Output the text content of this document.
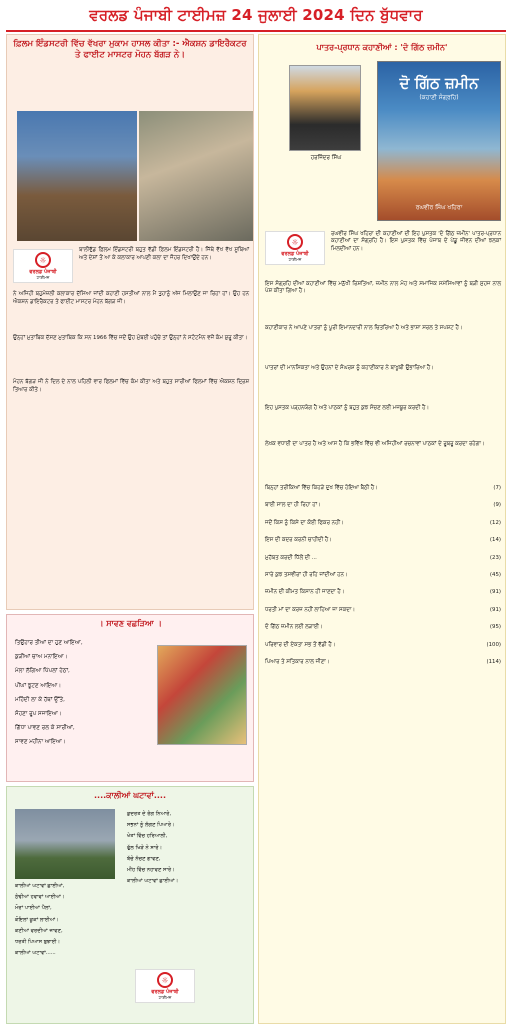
ਵਰਲਡ ਪੰਜਾਬੀ ਟਾਈਮਜ਼ 24 ਜੁਲਾਈ 2024 ਦਿਨ ਬੁੱਧਵਾਰ
ਫ਼ਿਲਮ ਇੰਡਸਟਰੀ ਵਿੱਚ ਵੱਖਰਾ ਮੁਕਾਮ ਹਾਸਲ ਕੀਤਾ :- ਐਕਸ਼ਨ ਡਾਇਰੈਕਟਰ ਤੇ ਫਾਈਟ ਮਾਸਟਰ ਮੋਹਨ ਬੱਗੜ ਨੇ।
☼
ਵਰਲਡ ਪੰਜਾਬੀ
ਟਾਈਮਜ਼
ਬਾਲੀਵੁੱਡ ਫ਼ਿਲਮ ਇੰਡਸਟਰੀ ਬਹੁਤ ਵੱਡੀ ਫ਼ਿਲਮ ਇੰਡਸਟਰੀ ਹੈ। ਜਿੱਥੇ ਵੱਖ ਵੱਖ ਸੂਬਿਆਂ ਅਤੇ ਦੇਸ਼ਾਂ ਤੋਂ ਆ ਕੇ ਕਲਾਕਾਰ ਆਪਣੀ ਕਲਾ ਦਾ ਜੌਹਰ ਦਿਖਾਉਂਦੇ ਹਨ।
ਨੇ ਅਜਿਹੀ ਬਹੁਮੰਜ਼ਲੀ ਕਲਾਕਾਰ ਦੱਸਿਆ ਜਾਂਦੀ ਕਹਾਣੀ ਹਸਤੀਆਂ ਨਾਲ ਮੈਂ ਤੁਹਾਨੂੰ ਅੱਜ ਮਿਲਾਉਣ ਜਾ ਰਿਹਾ ਹਾਂ। ਉਹ ਹਨ ਐਕਸ਼ਨ ਡਾਇਰੈਕਟਰ ਤੇ ਫਾਈਟ ਮਾਸਟਰ ਮੋਹਨ ਬੱਗੜ ਜੀ।
ਉਨ੍ਹਾਂ ਮੁਤਾਬਿਕ ਦੱਸਣ ਮੁਤਾਬਿਕ ਕਿ ਸਨ 1966 ਵਿੱਚ ਜਦੋਂ ਉਹ ਮੁੰਬਈ ਪਹੁੰਚੇ ਤਾਂ ਉਨ੍ਹਾਂ ਨੇ ਸਟੰਟਮੈਨ ਵਜੋਂ ਕੰਮ ਸ਼ੁਰੂ ਕੀਤਾ।
ਮੋਹਨ ਬੱਗੜ ਜੀ ਨੇ ਦਿਲ ਦੇ ਨਾਲ ਪਹਿਲੀ ਵਾਰ ਫਿਲਮਾਂ ਵਿੱਚ ਕੰਮ ਕੀਤਾ ਅਤੇ ਬਹੁਤ ਸਾਰੀਆਂ ਫਿਲਮਾਂ ਵਿੱਚ ਐਕਸ਼ਨ ਦ੍ਰਿਸ਼ ਤਿਆਰ ਕੀਤੇ।
ਪਾਤਰ-ਪ੍ਰਧਾਨ ਕਹਾਣੀਆਂ : 'ਦੋ ਗਿੱਠ ਜ਼ਮੀਨ'
ਹਰਜਿੰਦਰ ਸਿੰਘ
ਦੋ ਗਿੱਠ ਜ਼ਮੀਨ
(ਕਹਾਣੀ ਸੰਗ੍ਰਹਿ)
ਰਘਵੀਰ ਸਿੰਘ ਖਹਿਰਾ
☼
ਵਰਲਡ ਪੰਜਾਬੀ
ਟਾਈਮਜ਼
ਰਘਵੀਰ ਸਿੰਘ ਖਹਿਰਾ ਦੀ ਕਹਾਣੀਆਂ ਦੀ ਇਹ ਪੁਸਤਕ 'ਦੋ ਗਿੱਠ ਜ਼ਮੀਨ' ਪਾਤਰ-ਪ੍ਰਧਾਨ ਕਹਾਣੀਆਂ ਦਾ ਸੰਗ੍ਰਹਿ ਹੈ। ਇਸ ਪੁਸਤਕ ਵਿੱਚ ਪੰਜਾਬ ਦੇ ਪੇਂਡੂ ਜੀਵਨ ਦੀਆਂ ਝਲਕਾਂ ਮਿਲਦੀਆਂ ਹਨ।
ਇਸ ਸੰਗ੍ਰਹਿ ਦੀਆਂ ਕਹਾਣੀਆਂ ਵਿੱਚ ਮਨੁੱਖੀ ਰਿਸ਼ਤਿਆਂ, ਜ਼ਮੀਨ ਨਾਲ ਮੋਹ ਅਤੇ ਸਮਾਜਿਕ ਸਮੱਸਿਆਵਾਂ ਨੂੰ ਬੜੀ ਸੁਹਜ ਨਾਲ ਪੇਸ਼ ਕੀਤਾ ਗਿਆ ਹੈ।
ਕਹਾਣੀਕਾਰ ਨੇ ਆਪਣੇ ਪਾਤਰਾਂ ਨੂੰ ਪੂਰੀ ਇਮਾਨਦਾਰੀ ਨਾਲ ਚਿਤਰਿਆ ਹੈ ਅਤੇ ਭਾਸ਼ਾ ਸਰਲ ਤੇ ਸਪਸ਼ਟ ਹੈ।
ਪਾਤਰਾਂ ਦੀ ਮਾਨਸਿਕਤਾ ਅਤੇ ਉਹਨਾਂ ਦੇ ਸੰਘਰਸ਼ ਨੂੰ ਕਹਾਣੀਕਾਰ ਨੇ ਬਾਖੂਬੀ ਉਭਾਰਿਆ ਹੈ।
ਇਹ ਪੁਸਤਕ ਪੜ੍ਹਨਯੋਗ ਹੈ ਅਤੇ ਪਾਠਕਾਂ ਨੂੰ ਬਹੁਤ ਕੁਝ ਸੋਚਣ ਲਈ ਮਜਬੂਰ ਕਰਦੀ ਹੈ।
ਲੇਖਕ ਵਧਾਈ ਦਾ ਪਾਤਰ ਹੈ ਅਤੇ ਆਸ ਹੈ ਕਿ ਭਵਿੱਖ ਵਿੱਚ ਵੀ ਅਜਿਹੀਆਂ ਰਚਨਾਵਾਂ ਪਾਠਕਾਂ ਦੇ ਰੂਬਰੂ ਕਰਦਾ ਰਹੇਗਾ।
ਬਿਨ੍ਹਾਂ ਤਰੀਕਿਆਂ ਵਿੱਚ ਕਿਹੜੇ ਦੁਖ ਵਿੱਚ ਹੋਇਆ ਬੈਠੀ ਹੈ।	(7)
ਬਾਈ ਸਾਲ ਦਾ ਹੀ ਰਿਹਾ ਹਾਂ।	(9)
ਜਦੋਂ ਕਿਸ ਨੂੰ ਕਿਸੇ ਦਾ ਕੋਈ ਫਿਕਰ ਨਹੀਂ।	(12)
ਇਸ ਦੀ ਕਦਰ ਕਰਨੀ ਚਾਹੀਦੀ ਹੈ।	(14)
ਮੁਹੱਬਤ ਕਰਦੀ ਧਿੱਲੋਂ ਦੀ ...	(23)
ਸਾਰੇ ਕੁਝ ਤਸਵੀਰਾਂ ਹੀ ਰਹਿ ਜਾਂਦੀਆਂ ਹਨ।	(45)
ਜ਼ਮੀਨ ਦੀ ਕੀਮਤ ਕਿਸਾਨ ਹੀ ਜਾਣਦਾ ਹੈ।	(91)
ਧਰਤੀ ਮਾਂ ਦਾ ਕਰਜ਼ ਨਹੀਂ ਲਾਹਿਆ ਜਾ ਸਕਦਾ।	(91)
ਦੋ ਗਿੱਠ ਜ਼ਮੀਨ ਲਈ ਲੜਾਈ।	(95)
ਪਰਿਵਾਰ ਦੀ ਏਕਤਾ ਸਭ ਤੋਂ ਵੱਡੀ ਹੈ।	(100)
ਪਿਆਰ ਤੇ ਸਤਿਕਾਰ ਨਾਲ ਜੀਣਾ।	(114)
। ਸਾਵਣ ਵਛੜਿਆ ।
ਤਿਉਹਾਰ ਤੀਆਂ ਦਾ ਹੁਣ ਆਇਆ,
ਕੁੜੀਆਂ ਚਾਅ ਮਨਾਇਆ।
ਮੇਲਾ ਲੱਗਿਆ ਪਿੱਪਲਾਂ ਹੇਠਾਂ,
ਪੀਂਘਾਂ ਝੂਟਣ ਆਇਆ।
ਮਹਿੰਦੀ ਲਾ ਕੇ ਹੱਥਾਂ ਉੱਤੇ,
ਸੋਹਣਾ ਰੂਪ ਸਜਾਇਆ।
ਗਿੱਧਾ ਪਾਵਣ ਰਲ ਕੇ ਸਾਰੀਆਂ,
ਸਾਵਣ ਮਹੀਨਾ ਆਇਆ।
....ਕਾਲੀਆਂ ਘਟਾਵਾਂ....
ਕਾਲੀਆਂ ਘਟਾਵਾਂ ਛਾਈਆਂ,
ਠੰਢੀਆਂ ਹਵਾਵਾਂ ਆਈਆਂ।
ਮੋਰਾਂ ਪਾਈਆਂ ਪੈਲਾਂ,
ਕੋਇਲਾਂ ਕੂਕਾਂ ਲਾਈਆਂ।
ਕਣੀਆਂ ਵਰਦੀਆਂ ਜਾਵਣ,
ਧਰਤੀ ਪਿਆਸ ਬੁਝਾਈ।
ਕਾਲੀਆਂ ਘਟਾਵਾਂ......
ਕੁਦਰਤ ਦੇ ਰੰਗ ਨਿਆਰੇ,
ਸਭਨਾਂ ਨੂੰ ਲੱਗਣ ਪਿਆਰੇ।
ਖੇਤਾਂ ਵਿੱਚ ਹਰਿਆਲੀ,
ਫੁੱਲ ਖਿੜੇ ਨੇ ਸਾਰੇ।
ਬੱਚੇ ਨੱਚਣ ਗਾਵਣ,
ਮੀਂਹ ਵਿੱਚ ਨਹਾਵਣ ਸਾਰੇ।
ਕਾਲੀਆਂ ਘਟਾਵਾਂ ਛਾਈਆਂ।
☼
ਵਰਲਡ ਪੰਜਾਬੀ
ਟਾਈਮਜ਼
